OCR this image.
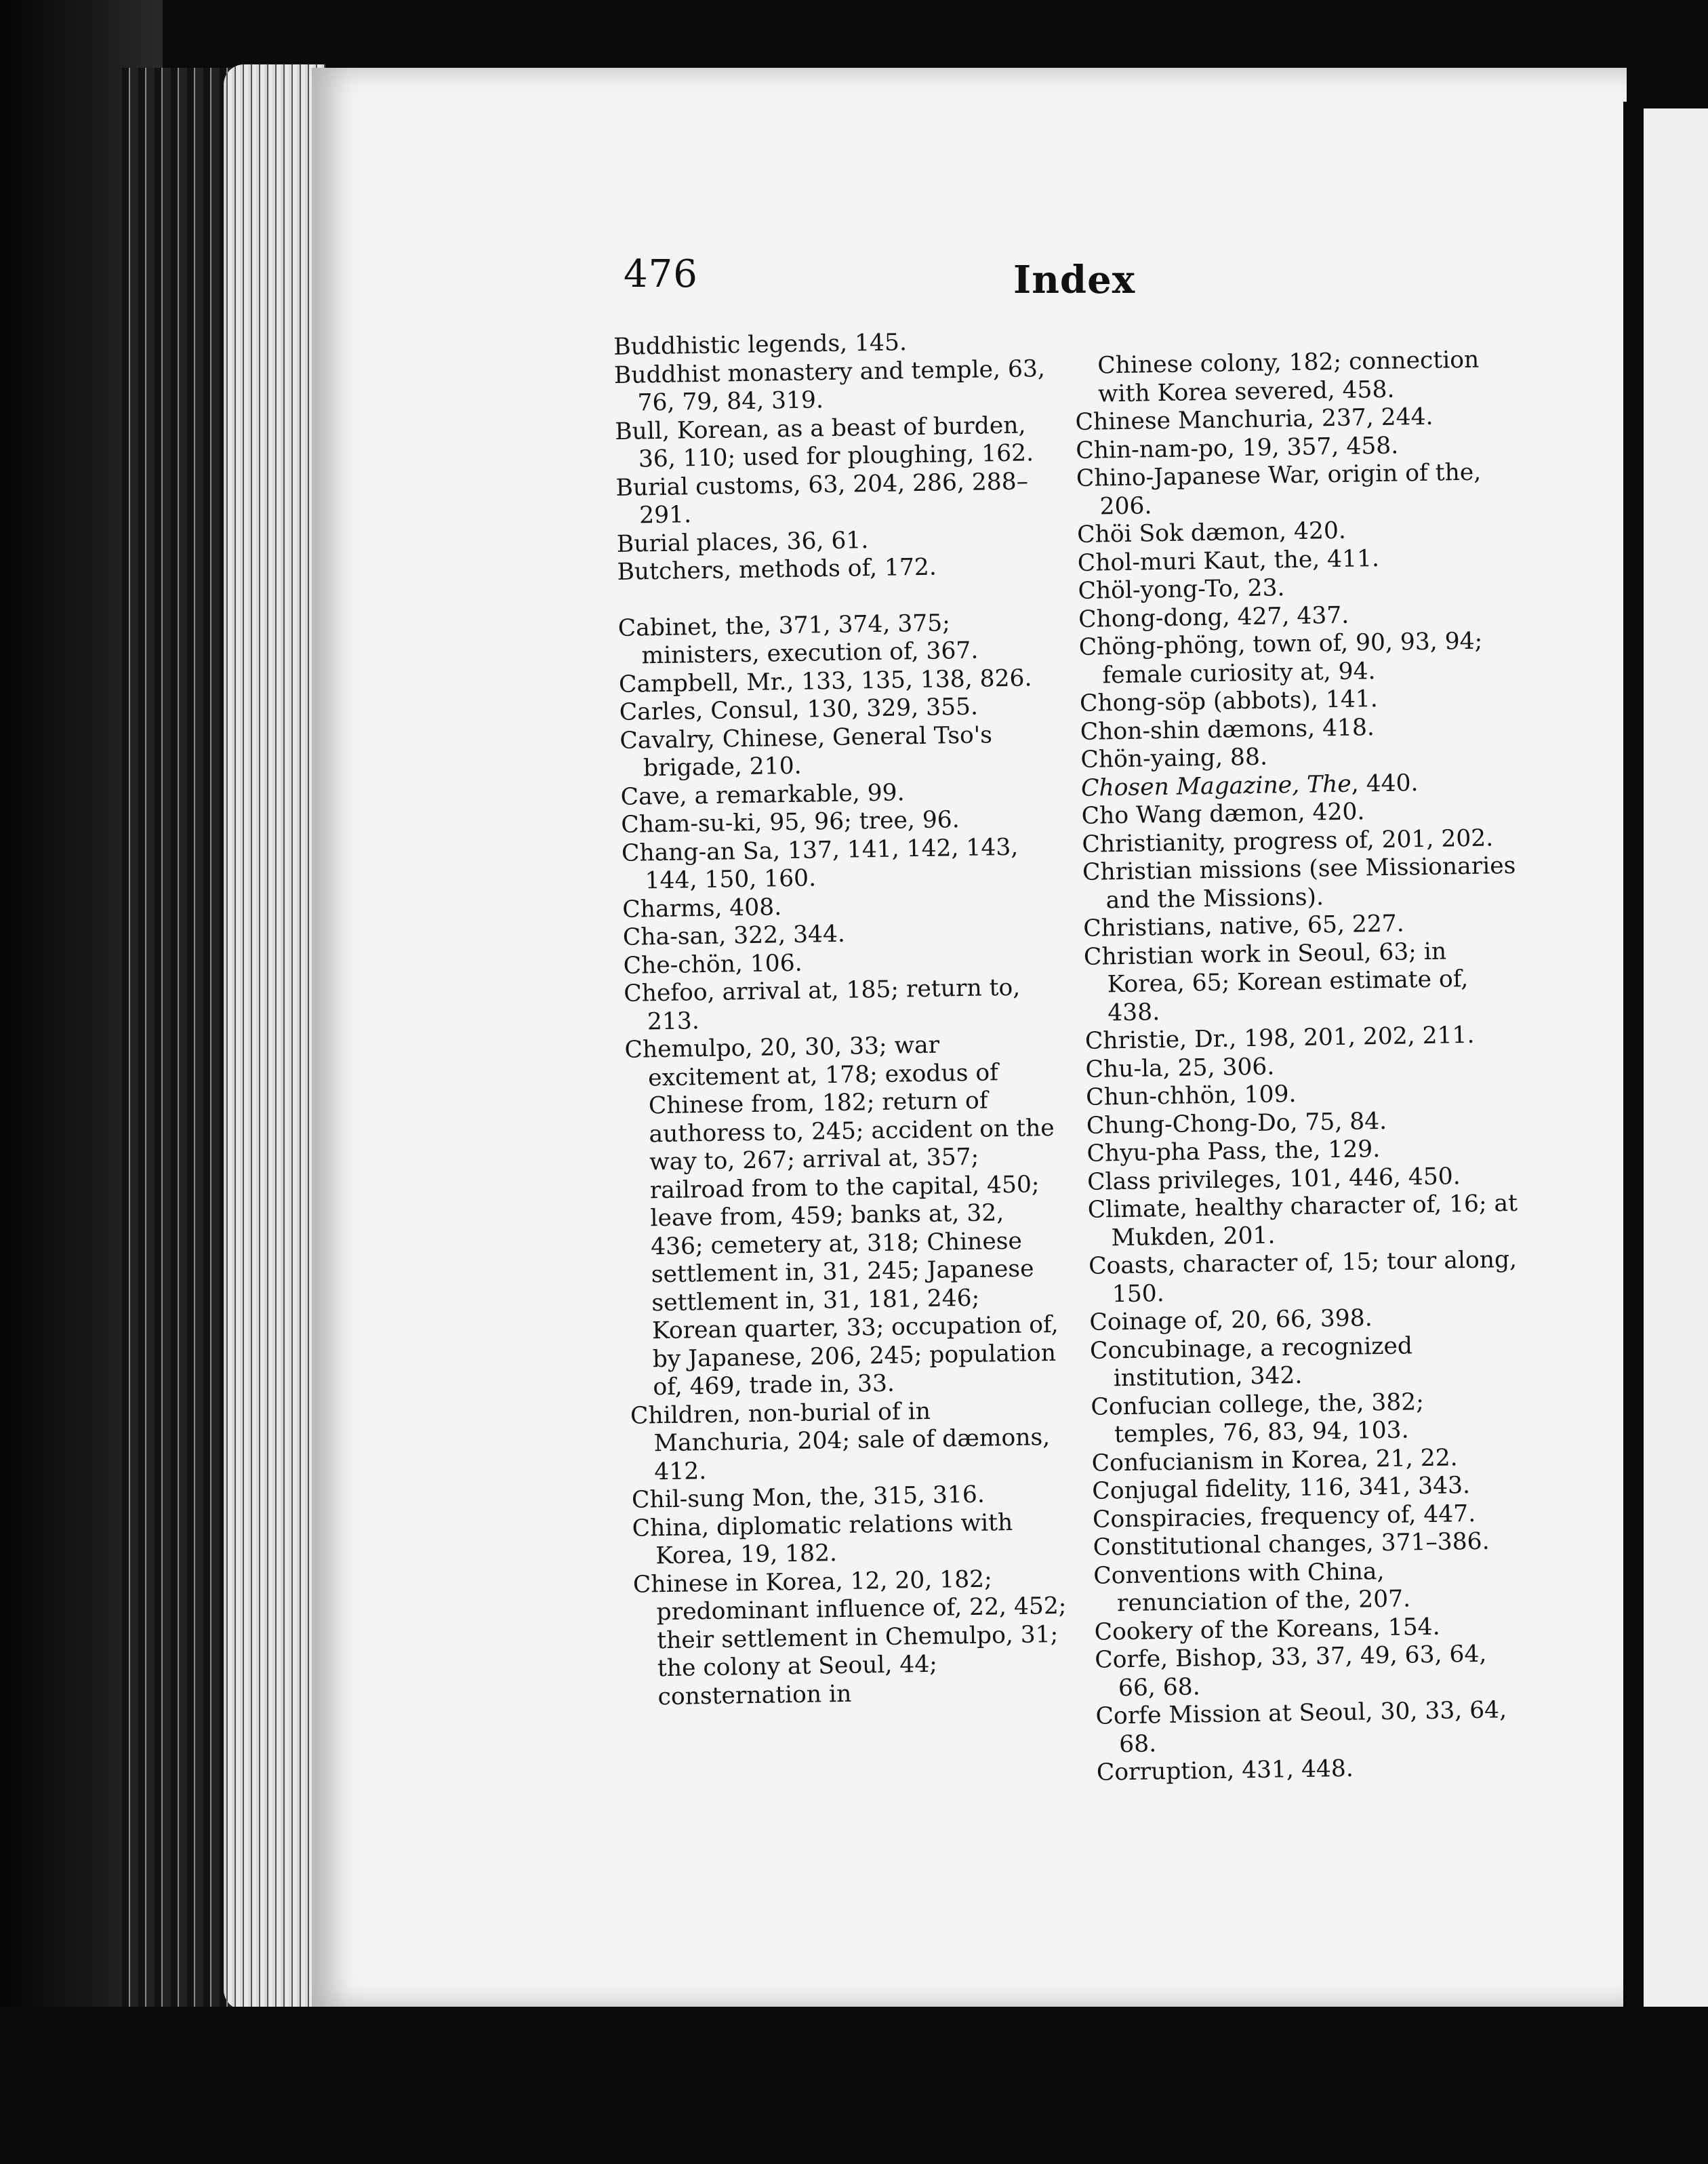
476	Index

Buddhistic legends, 145.

Buddhist monastery and temple, 63, 76, 79, 84, 319.

Bull, Korean, as a beast of burden, 36, 110; used for ploughing, 162.

Burial customs, 63, 204, 286, 288–291.

Burial places, 36, 61.

Butchers, methods of, 172.

Cabinet, the, 371, 374, 375; ministers, execution of, 367.

Campbell, Mr., 133, 135, 138, 826.

Carles, Consul, 130, 329, 355.

Cavalry, Chinese, General Tso's brigade, 210.

Cave, a remarkable, 99.

Cham-su-ki, 95, 96; tree, 96.

Chang-an Sa, 137, 141, 142, 143, 144, 150, 160.

Charms, 408.

Cha-san, 322, 344.

Che-chön, 106.

Chefoo, arrival at, 185; return to, 213.

Chemulpo, 20, 30, 33; war excitement at, 178; exodus of Chinese from, 182; return of authoress to, 245; accident on the way to, 267; arrival at, 357; railroad from to the capital, 450; leave from, 459; banks at, 32, 436; cemetery at, 318; Chinese settlement in, 31, 245; Japanese settlement in, 31, 181, 246; Korean quarter, 33; occupation of, by Japanese, 206, 245; population of, 469, trade in, 33.

Children, non-burial of in Manchuria, 204; sale of dæmons, 412.

Chil-sung Mon, the, 315, 316.

China, diplomatic relations with Korea, 19, 182.

Chinese in Korea, 12, 20, 182; predominant influence of, 22, 452; their settlement in Chemulpo, 31; the colony at Seoul, 44; consternation in

Chinese colony, 182; connection with Korea severed, 458.

Chinese Manchuria, 237, 244.

Chin-nam-po, 19, 357, 458.

Chino-Japanese War, origin of the, 206.

Chöi Sok dæmon, 420.

Chol-muri Kaut, the, 411.

Chöl-yong-To, 23.

Chong-dong, 427, 437.

Chöng-phöng, town of, 90, 93, 94; female curiosity at, 94.

Chong-söp (abbots), 141.

Chon-shin dæmons, 418.

Chön-yaing, 88.

Chosen Magazine, The, 440.

Cho Wang dæmon, 420.

Christianity, progress of, 201, 202.

Christian missions (see Missionaries and the Missions).

Christians, native, 65, 227.

Christian work in Seoul, 63; in Korea, 65; Korean estimate of, 438.

Christie, Dr., 198, 201, 202, 211.

Chu-la, 25, 306.

Chun-chhön, 109.

Chung-Chong-Do, 75, 84.

Chyu-pha Pass, the, 129.

Class privileges, 101, 446, 450.

Climate, healthy character of, 16; at Mukden, 201.

Coasts, character of, 15; tour along, 150.

Coinage of, 20, 66, 398.

Concubinage, a recognized institution, 342.

Confucian college, the, 382; temples, 76, 83, 94, 103.

Confucianism in Korea, 21, 22.

Conjugal fidelity, 116, 341, 343.

Conspiracies, frequency of, 447.

Constitutional changes, 371–386.

Conventions with China, renunciation of the, 207.

Cookery of the Koreans, 154.

Corfe, Bishop, 33, 37, 49, 63, 64, 66, 68.

Corfe Mission at Seoul, 30, 33, 64, 68.

Corruption, 431, 448.
